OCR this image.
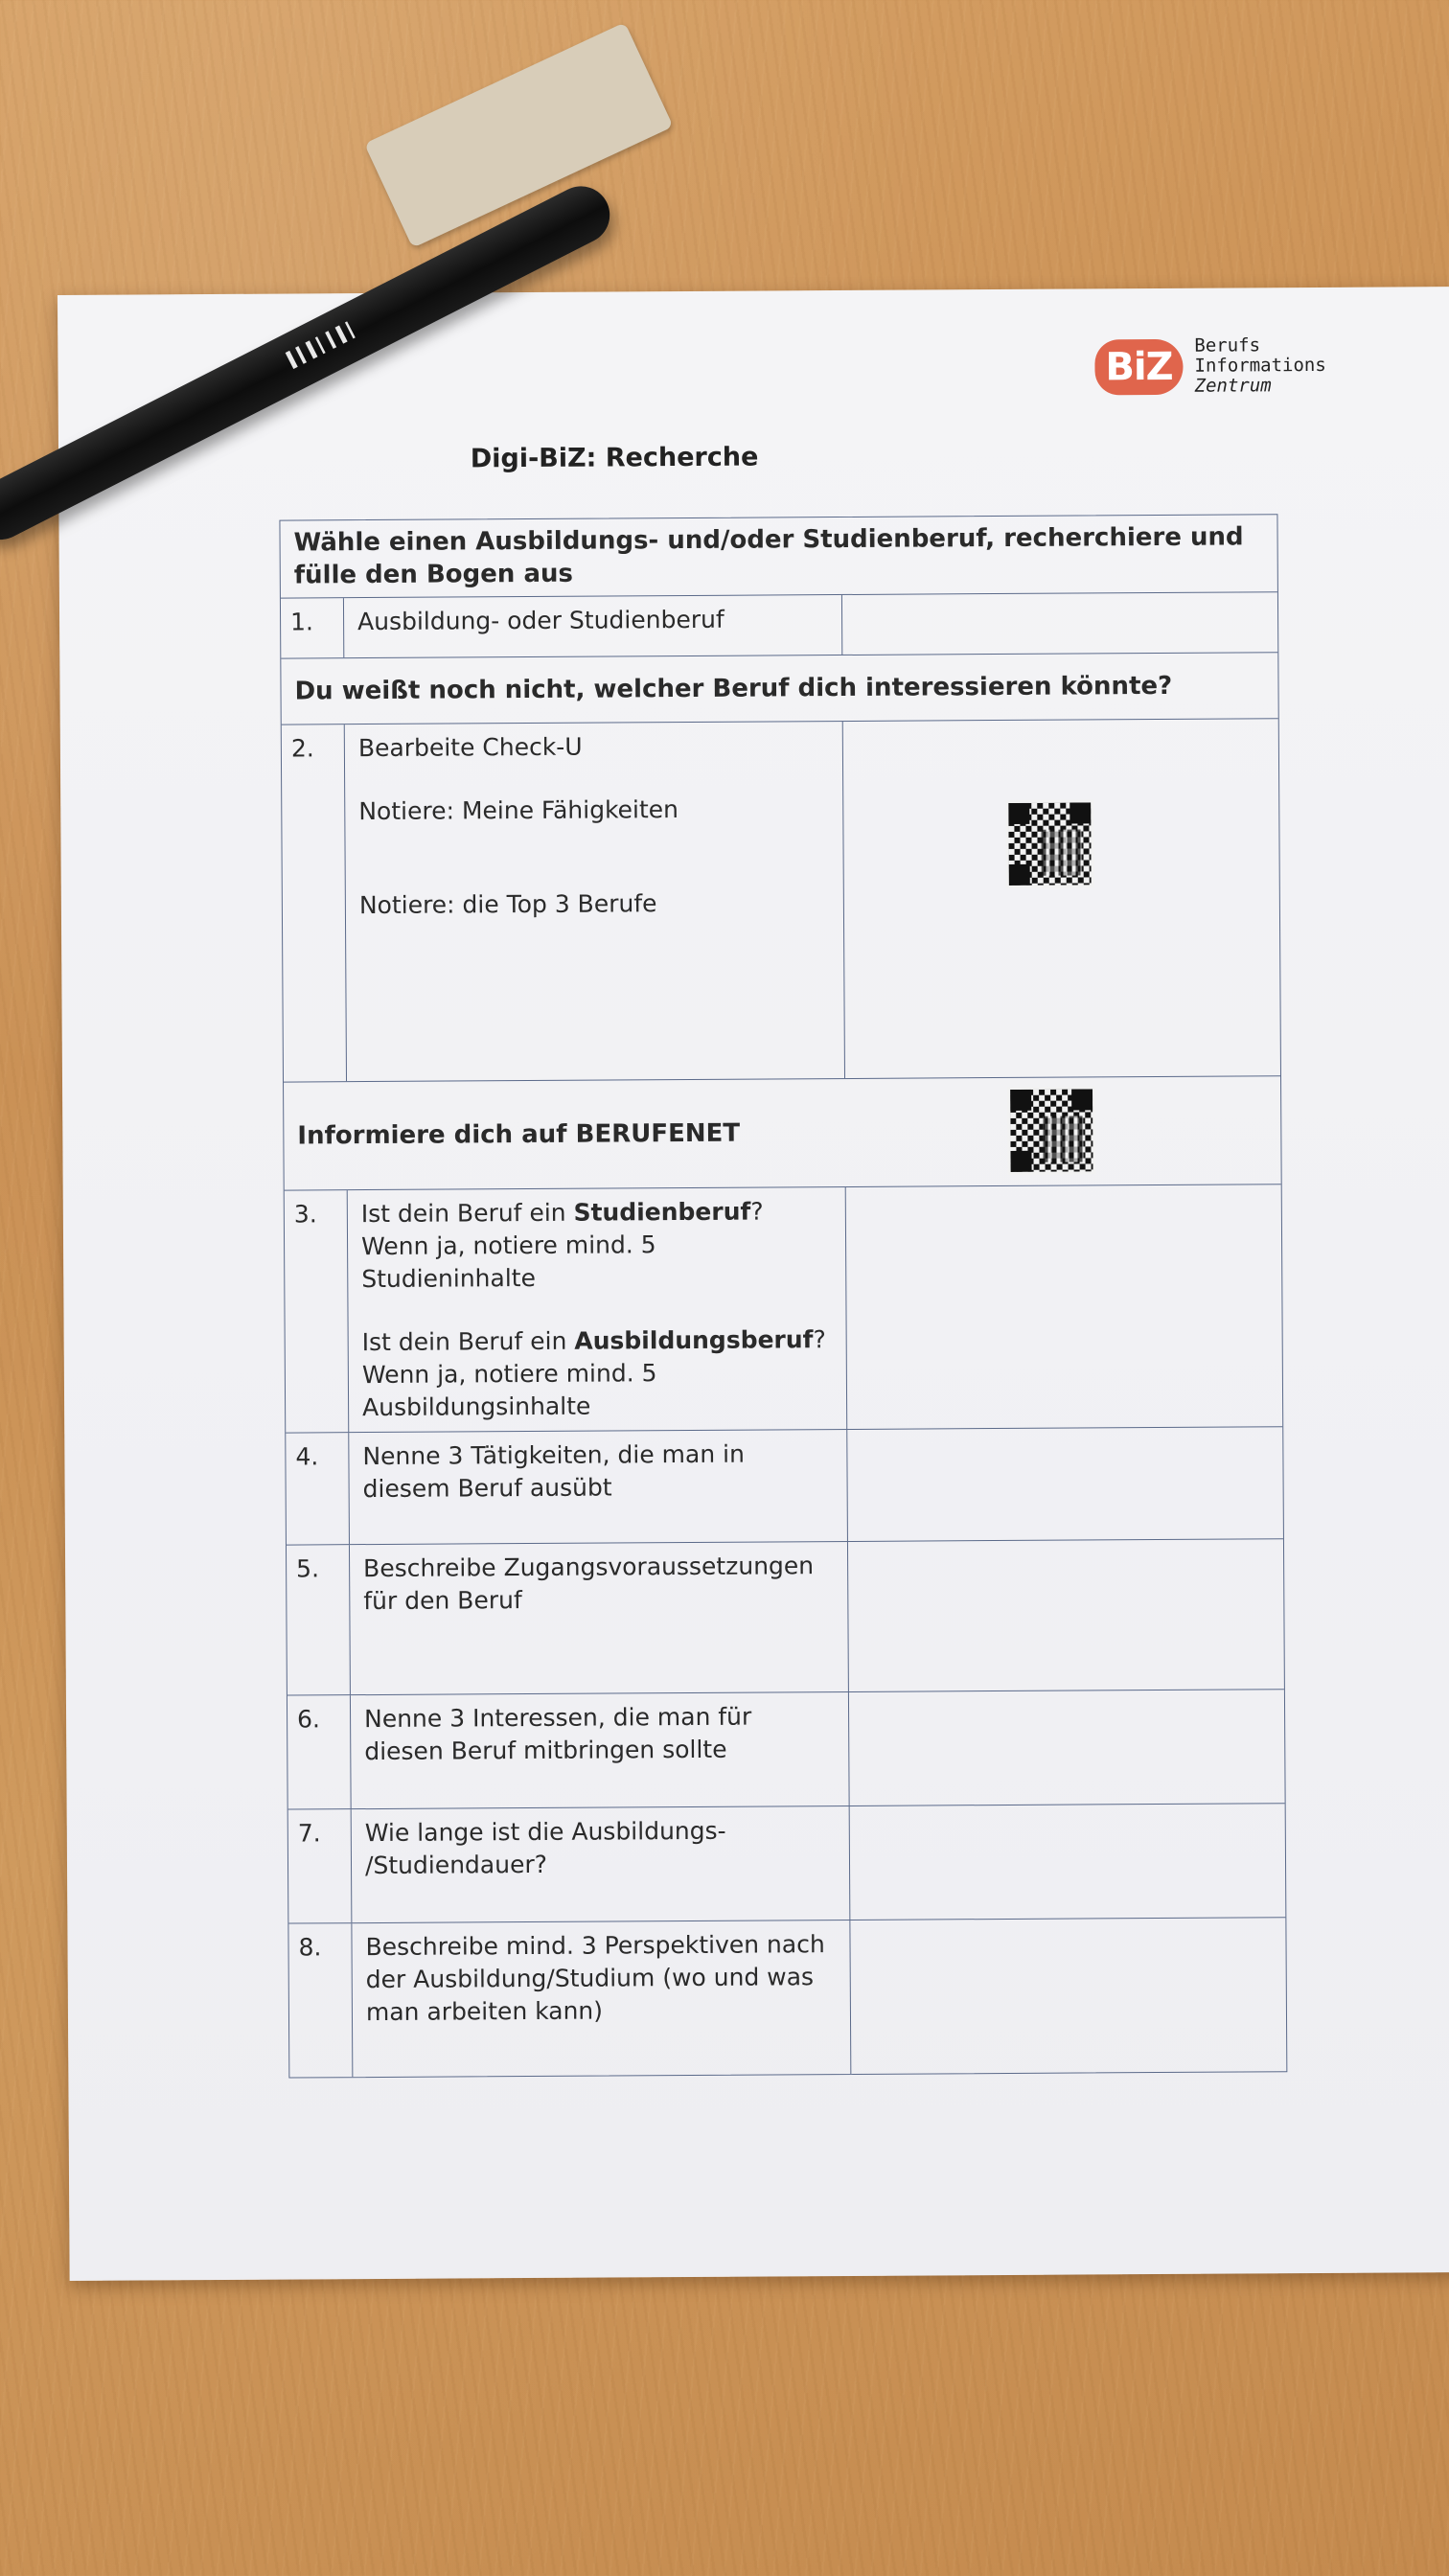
BiZ	Berufs
Informations
Zentrum
Digi-BiZ: Recherche
Wähle einen Ausbildungs- und/oder Studienberuf, recherchiere und fülle den Bogen aus
1.	Ausbildung- oder Studienberuf
Du weißt noch nicht, welcher Beruf dich interessieren könnte?
2.	Bearbeite Check-U
Notiere: Meine Fähigkeiten
Notiere: die Top 3 Berufe
Informiere dich auf BERUFENET
3.	Ist dein Beruf ein Studienberuf? Wenn ja, notiere mind. 5 Studieninhalte
Ist dein Beruf ein Ausbildungsberuf? Wenn ja, notiere mind. 5 Ausbildungsinhalte
4.	Nenne 3 Tätigkeiten, die man in diesem Beruf ausübt
5.	Beschreibe Zugangsvoraussetzungen für den Beruf
6.	Nenne 3 Interessen, die man für diesen Beruf mitbringen sollte
7.	Wie lange ist die Ausbildungs- /Studiendauer?
8.	Beschreibe mind. 3 Perspektiven nach der Ausbildung/Studium (wo und was man arbeiten kann)
▌▍▌▎▍▌▎
